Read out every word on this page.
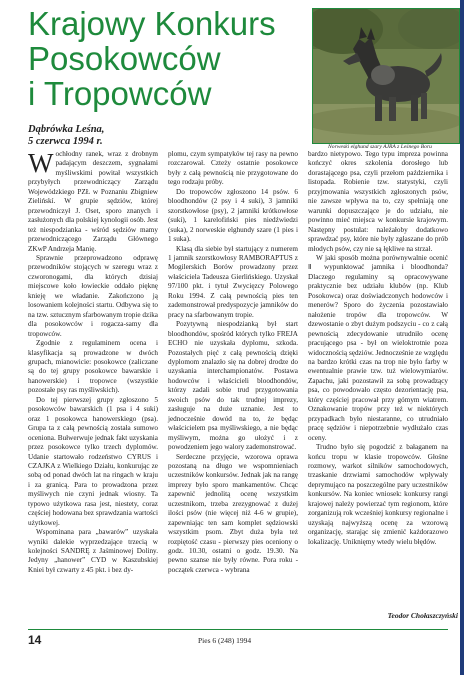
Krajowy Konkurs
Posokowców
i Tropowców
Norweski elghund szary AJRA z Leśnego Boru
Dąbrówka Leśna,
5 czerwca 1994 r.

Wochłodny ranek, wraz z drobnym padającym deszczem, sygnałami myśliwskimi powitał wszystkich przybyłych przewodniczący Zarządu Wojewódzkiego PZŁ w Poznaniu Zbigniew Zielińskí. W grupie sędziów, której przewodniczył J. Oset, sporo znanych i zasłużonych dla polskiej kynologii osób. Jest też niespodzianka - wśród sędziów mamy przewodniczącego Zarządu Głównego ZKwP Andrzeja Manię.

Sprawnie przeprowadzono odprawę przewodników stojących w szeregu wraz z czworonogami, dla których dzisiaj miejscowe koło łowieckie oddało pięknę knieję we władanie. Zakończono ją losowaniem kolejności startu. Odbywa się to na tzw. sztucznym sfarbowanym tropie dzika dla posokowców i rogacza-samy dla tropowców.

Zgodnie z regulaminem ocena i klasyfikacja są prowadzone w dwóch grupach, mianowicie: posokowce (zaliczane są do tej grupy posokowce bawarskie i hanowerskie) i tropowce (wszystkie pozostałe psy ras myśliwskich).

Do tej pierwszej grupy zgłoszono 5 posokowców bawarskich (1 psa i 4 suki) oraz 1 posokowca hanowerskiego (psa). Grupa ta z całą pewnością została sumowo oceniona. Bułwerwuje jednak fakt uzyskania przez posokowce tylko trzech dyplomów. Udanie startowało rodzeństwo CYRUS i CZAJKA z Wielkiego Działu, konkurując ze sobą od ponad dwóch lat na ringach w kraju i za granicą. Para to prowadzona przez myśliwych nie czyni jednak wiosny. Ta typowo użytkowa rasa jest, niestety, coraz częściej hodowana bez sprawdzania wartości użytkowej.

Wspominana para „bawarów” uzyskała wyniki dalekie wyprzedzające trzecią w kolejności SANDRĘ z Jaśminowej Doliny. Jedyny „hanower” CYD w Kaszubskiej Kniei był czwarty z 45 pkt. i bez dy-

plomu, czym sympatyków tej rasy na pewno rozczarował. Czteży ostatnie posokowce były z całą pewnością nie przygotowane do tego rodzaju próby.

Do tropowców zgłoszono 14 psów. 6 bloodhondów (2 psy i 4 suki), 3 jamniki szorstkowłose (psy), 2 jamniki krótkowłose (suki), 1 karelofiński pies niedźwiedzi (suka), 2 norweskie elghundy szare (1 pies i 1 suka).

Klasą dla siebie był startujący z numerem 1 jamnik szorstkowłosy RAMBORAPTUS z Mogilerskich Borów prowadzony przez właściciela Tadeusza Gierlińskiego. Uzyskał 97/100 pkt. i tytuł Zwycięzcy Polowego Roku 1994. Z całą pewnością pies ten zademonstrował predyspozycje jamników do pracy na sfarbowanym tropie.

Pozytywną niespodzianką był start bloodhondów, spośród których tylko FREJA ECHO nie uzyskała dyplomu, szkoda. Pozostałych pięć z całą pewnością dzięki dyplomom znalazło się na dobrej drodze do uzyskania interchampionatów. Postawa hodowców i właścicieli bloodhondów, którzy zadali sobie trud przygotowania swoich psów do tak trudnej imprezy, zasługuje na duże uznanie. Jest to jednocześnie dowód na to, że będąc właścicielem psa myśliwskiego, a nie będąc myśliwym, można go ułożyć i z powodzeniem jego walory zademonstrować.

Serdeczne przyjęcie, wzorowa oprawa pozostaną na długo we wspomnieniach uczestników konkursów. Jednak jak na rangę imprezy było sporo mankamentów. Chcąc zapewnić jednolitą ocenę wszystkim uczestnikom, trzeba zrezygnować z dużej ilości psów (nie więcej niż 4-6 w grupie), zapewniając ten sam komplet sędziowski wszystkim psom. Zbyt duża była też rozpiętość czasu - pierwszy pies oceniony o godz. 10.30, ostatni o godz. 19.30. Na pewno szanse nie były równe. Pora roku - początek czerwca - wybrana

bardzo nietypowo. Tego typu impreza powinna kończyć okres szkolenia dorosłego lub dorastającego psa, czyli przełom października i listopada. Robienie tzw. statystyki, czyli przyjmowania wszystkich zgłoszonych psów, nie zawsze wpływa na to, czy spełniają one warunki dopuszczające je do udziału, nie powinno mieć miejsca w konkursie krajowym. Następny postulat: należałoby dodatkowo sprawdzać psy, które nie były zgłaszane do prób młodych psów, czy nie są łękliwe na strzał.

W jaki sposób można porównywalnie ocenić Ⅱ wypunktować jamnika i bloodhonda? Dlaczego regulaminy są opracowywane praktycznie bez udziału klubów (np. Klub Posokowca) oraz doświadczonych hodowców i menerów? Sporo do życzenia pozostawiało nałożenie tropów dla tropowców. W dzewostanie o zbyt dużym podszyciu - co z całą pewnością zdecydowanie utrudniło ocenę pracującego psa - był on wieloktrotnie poza widocznością sędziów. Jednocześnie ze względu na bardzo krótki czas na trop nie było farby w ewentualnie prawie tzw. tuż wielowymiarów. Zapachu, jaki pozostawił za sobą prowadzący psa, co powodowało często dezorientację psa, który częściej pracował przy gómym wiatrem. Oznakowanie tropów przy też w niektórych przypadkach było niestaranne, co utrudniało pracę sędziów i niepotrzebnie wydłużało czas oceny.

Trudno było się pogodzić z bałaganem na końcu tropu w klasie tropowców. Głośne rozmowy, warkot silników samochodowych, trzaskanie drzwiami samochodów wpływały deprymująco na poszczególne pary uczestników konkursów. Na koniec wniosek: konkursy rangi krajowej należy powierzać tym regionom, które zorganizują rok wcześniej konkursy regionalne i uzyskają najwyższą ocenę za wzorową organizację, starając się zmienić każdorazowo lokalizację. Uniknięmy wtedy wielu błędów.

Teodor Chołaszczyński
14	Pies 6 (248) 1994
